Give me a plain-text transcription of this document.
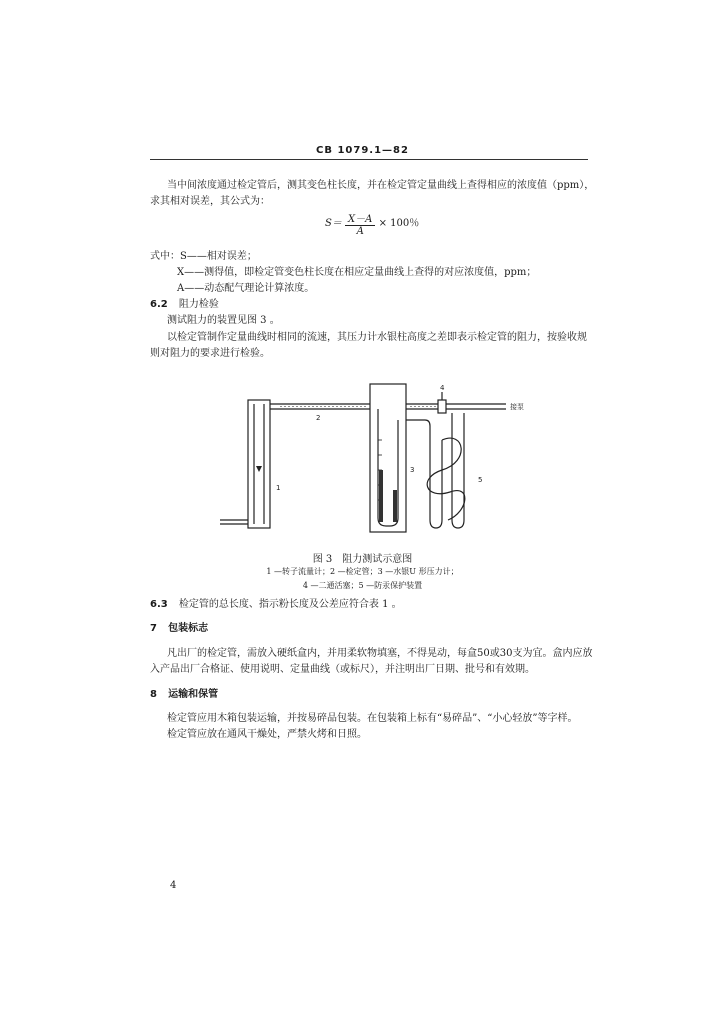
CB 1079.1—82
当中间浓度通过检定管后，测其变色柱长度，并在检定管定量曲线上查得相应的浓度值（ppm），
求其相对误差，其公式为：
$S= \frac{X-A}{A} \times 100$％
式中：S——相对误差；
X——测得值，即检定管变色柱长度在相应定量曲线上查得的对应浓度值，ppm；
A——动态配气理论计算浓度。
6.2 阻力检验
测试阻力的装置见图 3 。
以检定管制作定量曲线时相同的流速，其压力计水银柱高度之差即表示检定管的阻力，按验收规
则对阻力的要求进行检验。
1
2
3
4
5
接泵
图 3　阻力测试示意图
1 —转子流量计；2 —检定管；3 —水银U 形压力计；
4 —二通活塞；5 —防汞保护装置
6.3 检定管的总长度、指示粉长度及公差应符合表 1 。
7 包装标志
凡出厂的检定管，需放入硬纸盒内，并用柔软物填塞，不得晃动，每盒50或30支为宜。盒内应放
入产品出厂合格证、使用说明、定量曲线（或标尺），并注明出厂日期、批号和有效期。
8 运输和保管
检定管应用木箱包装运输，并按易碎品包装。在包装箱上标有“易碎品”、“小心轻放”等字样。
检定管应放在通风干燥处，严禁火烤和日照。
4
